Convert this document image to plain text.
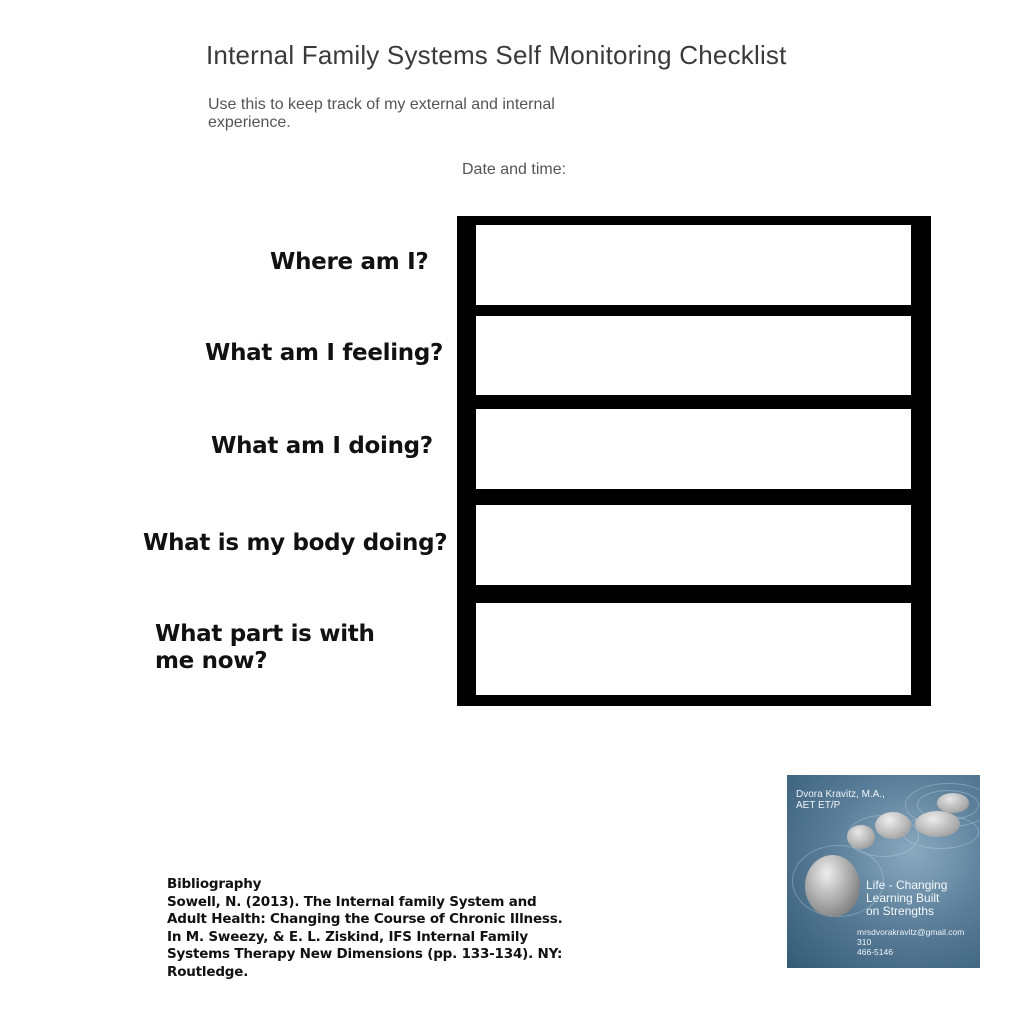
Internal Family Systems Self Monitoring Checklist
Use this to keep track of my external and internal experience.
Date and time:
Where am I?
What am I feeling?
What am I doing?
What is my body doing?
What part is with me now?
Bibliography
Sowell, N. (2013). The Internal family System and Adult Health: Changing the Course of Chronic Illness. In M. Sweezy, & E. L. Ziskind, IFS Internal Family Systems Therapy New Dimensions (pp. 133-134). NY: Routledge.
Dvora Kravitz, M.A.,
AET ET/P
Life - Changing
Learning Built
on Strengths
mrsdvorakravitz@gmail.com
310
466-5146
